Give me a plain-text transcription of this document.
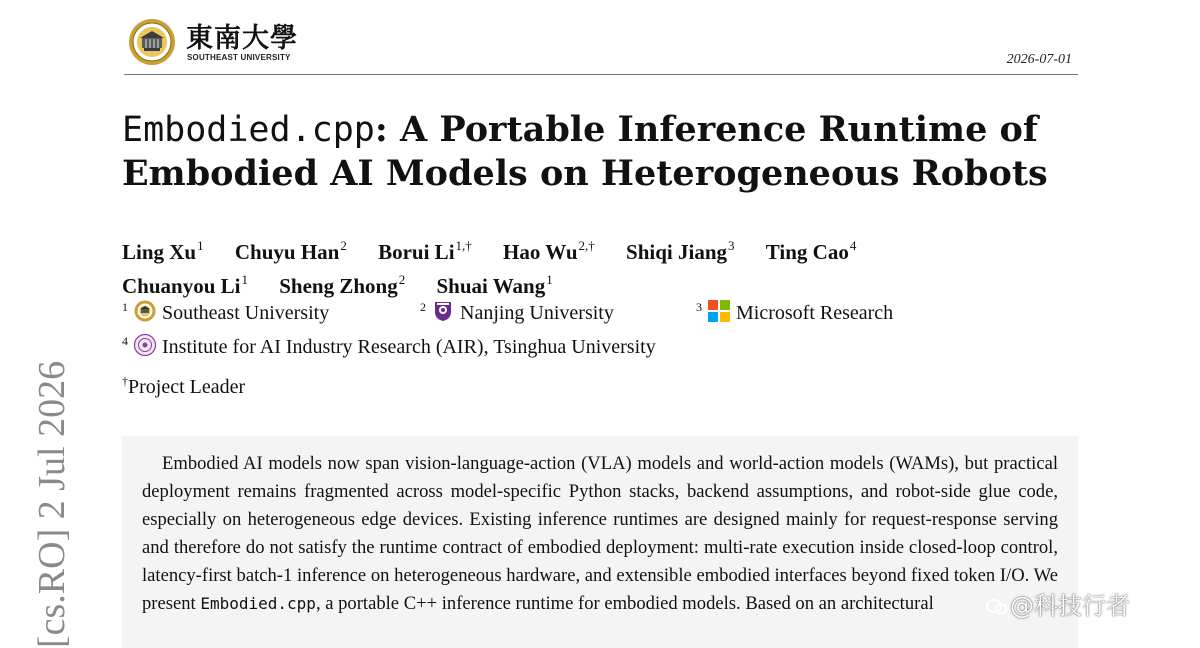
[cs.RO] 2 Jul 2026
東南大學
SOUTHEAST UNIVERSITY	2026-07-01
Embodied.cpp: A Portable Inference Runtime of
Embodied AI Models on Heterogeneous Robots
Ling Xu$^1$ Chuyu Han$^2$ Borui $Li^{1,\dagger}$ Hao $Wu^{2,\dagger}$ Shiqi Jiang$^3$ Ting Cao$^4$
Chuanyou Li$^1$ Sheng Zhong$^2$ Shuai Wang$^1$
$^1$ Southeast University	$^2$ Nanjing University	$^3$ Microsoft Research
$^4$ Institute for AI Industry Research (AIR), Tsinghua University
†Project Leader

Embodied AI models now span vision-language-action (VLA) models and world-action models (WAMs), but practical deployment remains fragmented across model-specific Python stacks, backend assumptions, and robot-side glue code, especially on heterogeneous edge devices. Existing inference runtimes are designed mainly for request-response serving and therefore do not satisfy the runtime contract of embodied deployment: multi-rate execution inside closed-loop control, latency-first batch-1 inference on heterogeneous hardware, and extensible embodied interfaces beyond fixed token I/O. We present Embodied.cpp, a portable C++ inference runtime for embodied models. Based on an architectural	@科技行者
